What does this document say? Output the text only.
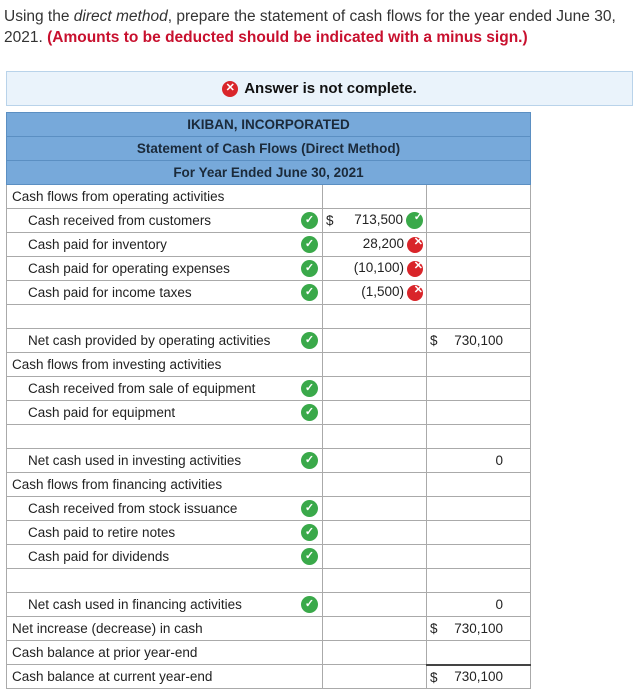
Using the direct method, prepare the statement of cash flows for the year ended June 30, 2021. (Amounts to be deducted should be indicated with a minus sign.)
✕ Answer is not complete.
IKIBAN, INCORPORATED		
Statement of Cash Flows (Direct Method)		
For Year Ended June 30, 2021		
Cash flows from operating activities		
Cash received from customers ✓	$ 713,500 ✓	
Cash paid for inventory ✓	28,200 ✕	
Cash paid for operating expenses ✓	(10,100) ✕	
Cash paid for income taxes ✓	(1,500) ✕	

Net cash provided by operating activities ✓		$ 730,100
Cash flows from investing activities		
Cash received from sale of equipment ✓		

Cash paid for equipment ✓		

Net cash used in investing activities ✓		0
Cash flows from financing activities		
Cash received from stock issuance ✓		

Cash paid to retire notes ✓		

Cash paid for dividends ✓		

Net cash used in financing activities ✓		0
Net increase (decrease) in cash		$ 730,100
Cash balance at prior year-end		
Cash balance at current year-end		$ 730,100
